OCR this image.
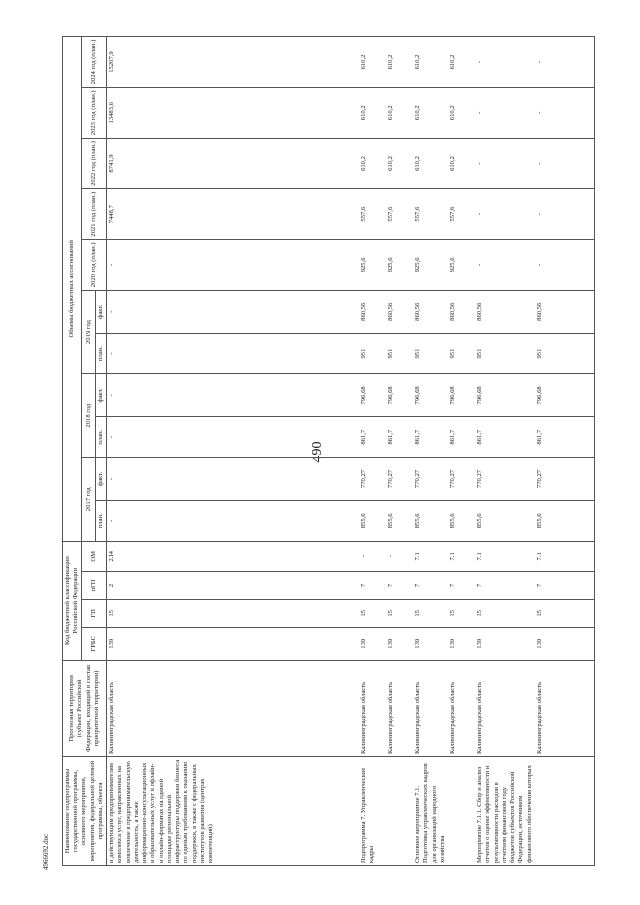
490
4966692.doc Наименование подпрограммы государственной программы, основного мероприятия, мероприятия, федеральной целевой программы, объекта	Прогнозная территория (субъект Российской Федерации, входящий в состав приоритетной территории)	Код бюджетной классификации Российской Федерации				Объемы бюджетных ассигнований										
		ГРБС	ГП	пГП	ОМ	2017 год		2018 год		2019 год		2020 год (план.)	2021 год (план.)	2022 год (план.)	2023 год (план.)	2024 год (план.)
						план.	факт.	план.	факт.	план.	факт.					
и действующим предпринимателям комплекса услуг, направленных на вовлечение в предпринимательскую деятельность, а также информационно-консультационных и образовательных услуг в офлайн- и онлайн-форматах на единой площадке региональной инфраструктуры поддержки бизнеса по единым требованиям к оказанию поддержки, в также с федеральных институтов развития (центрах компетенций)	Калининградская область	139	15	2	2.I4	-	-	-	-	-	-	-	7448,7	8741,9	13483,6	15207,9
Подпрограмма 7. Управленческие кадры	Калининградская область	139	15	7	-	855,6	770,27	861,7	796,68	951	860,56	925,6	557,6	610,2	610,2	610,2
	Калининградская область	139	15	7	-	855,6	770,27	861,7	796,68	951	860,56	925,6	557,6	610,2	610,2	610,2
Основное мероприятие 7.1. Подготовка управленческих кадров для организаций народного хозяйства	Калининградская область	139	15	7	7.1	855,6	770,27	861,7	796,68	951	860,56	925,6	557,6	610,2	610,2	610,2
	Калининградская область	139	15	7	7.1	855,6	770,27	861,7	796,68	951	860,56	925,6	557,6	610,2	610,2	610,2
Мероприятие 7.1.1. Сбор и анализ отчетов о оценке эффективности и результативности расходов в отчетном финансовом году бюджетов субъектов Российской Федерации, источником финансового обеспечения которых	Калининградская область	139	15	7	7.1	855,6	770,27	861,7	796,68	951	860,56	-	-	-	-	-
	Калининградская область	139	15	7	7.1	855,6	770,27	861,7	796,68	951	860,56	-	-	-	-	-
